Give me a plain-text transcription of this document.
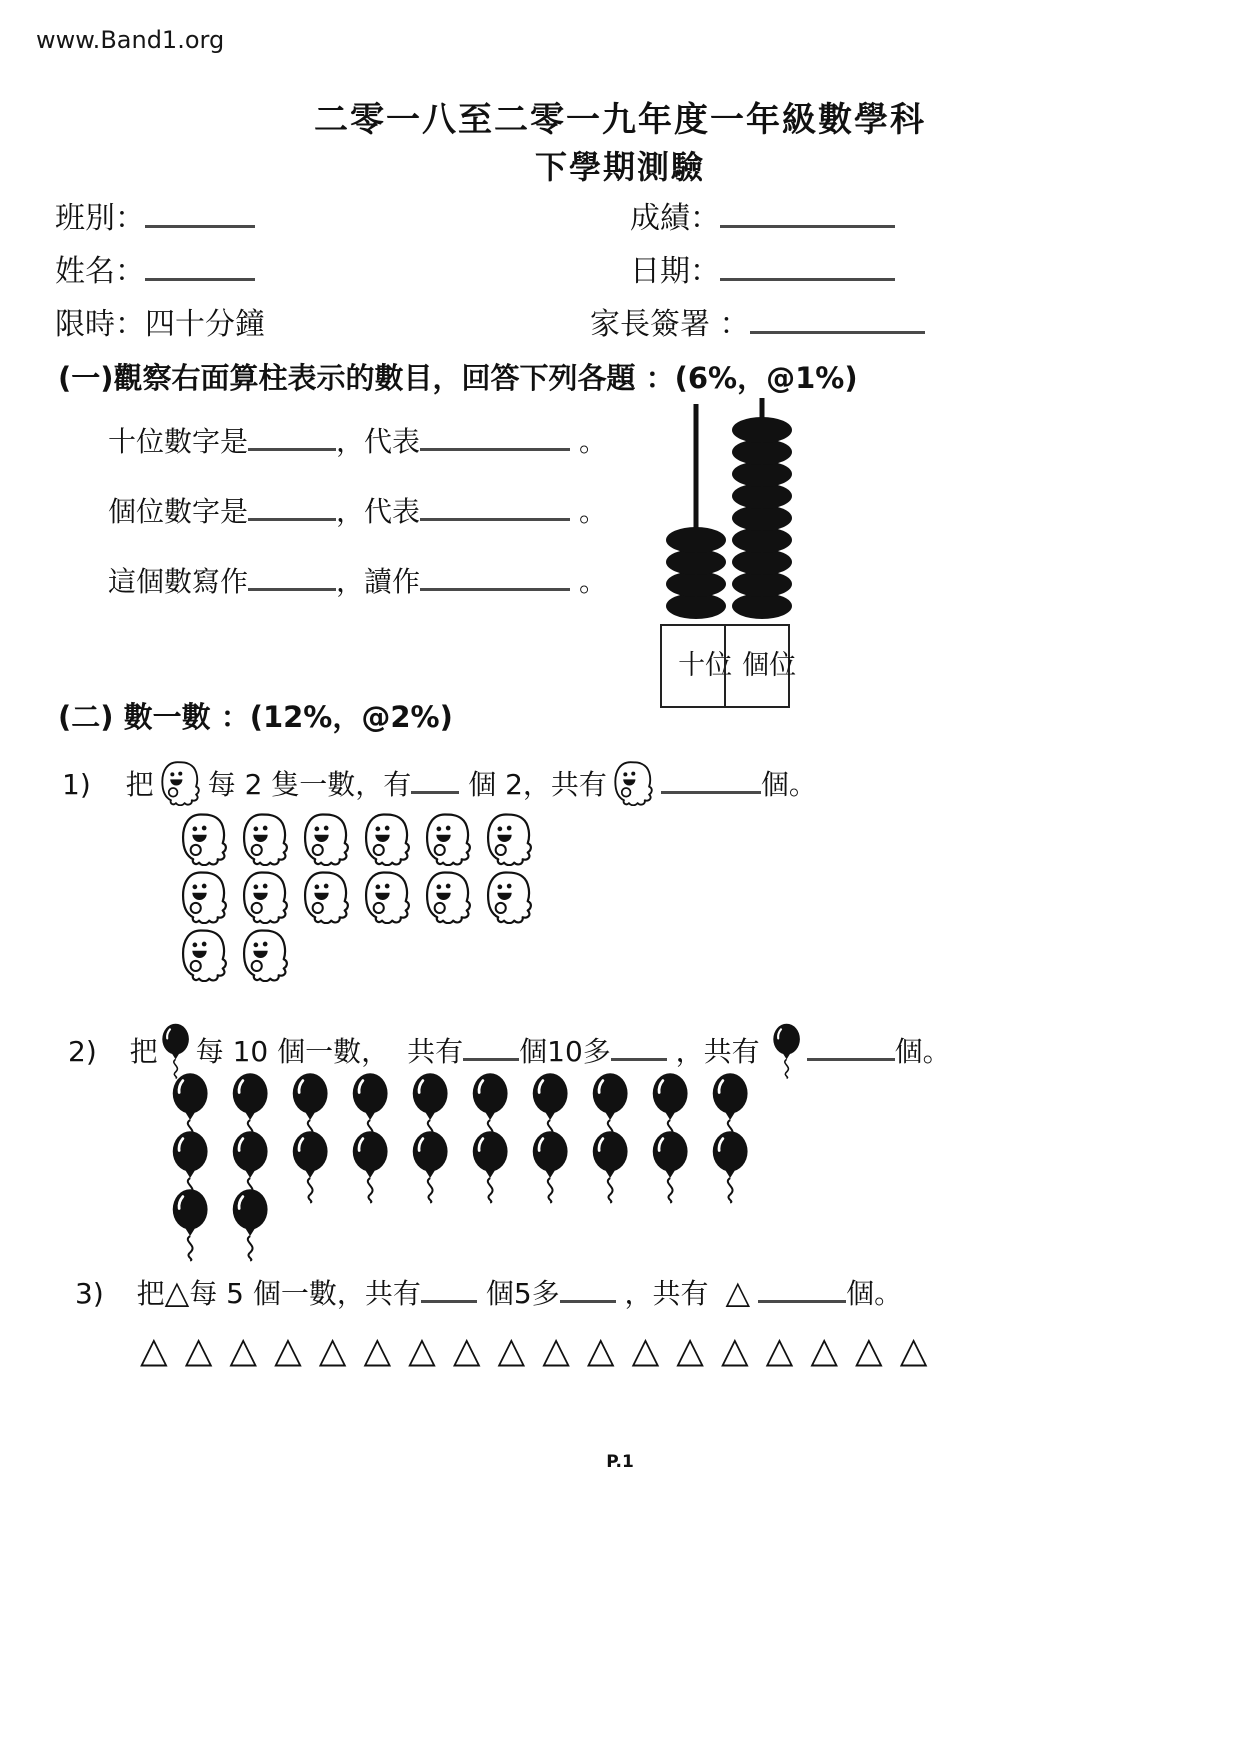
www.Band1.org
二零一八至二零一九年度一年級數學科
下學期測驗
班別：	成績：
姓名：	日期：
限時：四十分鐘	家長簽署 ：
(一)觀察右面算柱表示的數目，回答下列各題 ：(6%，@1%)
十位數字是	，代表	。
個位數字是	，代表	。
這個數寫作	，讀作	。
十位 個位
(二) 數一數 ：(12%，@2%)
1) 把 每 2 隻一數，有 個 2，共有	個。
2) 把 每 10 個一數， 共有 個10多 ，共有	個。
3) 把△每 5 個一數，共有 個5多 ，共有 △	個。
△ △ △ △ △ △ △ △ △ △ △ △ △ △ △ △ △ △
P.1
